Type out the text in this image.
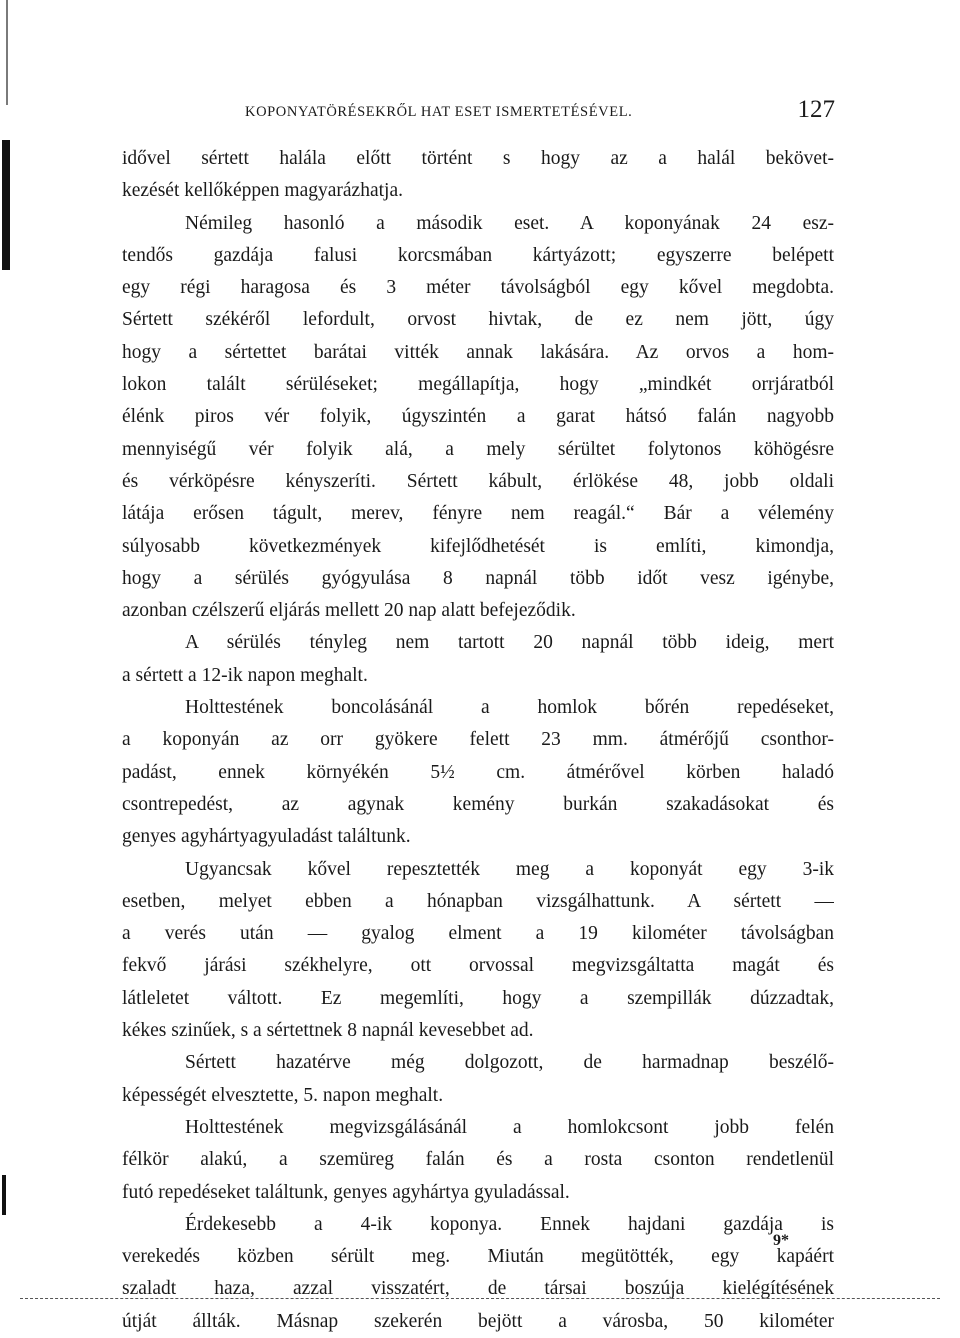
KOPONYATÖRÉSEKRŐL HAT ESET ISMERTETÉSÉVEL.	127
idővel sértett halála előtt történt s hogy az a halál bekövet-
kezését kellőképpen magyarázhatja.
Némileg hasonló a második eset. A koponyának 24 esz-
tendős gazdája falusi korcsmában kártyázott; egyszerre belépett
egy régi haragosa és 3 méter távolságból egy kővel megdobta.
Sértett székéről lefordult, orvost hivtak, de ez nem jött, úgy
hogy a sértettet barátai vitték annak lakására. Az orvos a hom-
lokon talált sérüléseket; megállapítja, hogy „mindkét orrjáratból
élénk piros vér folyik, úgyszintén a garat hátsó falán nagyobb
mennyiségű vér folyik alá, a mely sérültet folytonos köhögésre
és vérköpésre kényszeríti. Sértett kábult, érlökése 48, jobb oldali
látája erősen tágult, merev, fényre nem reagál.“ Bár a vélemény
súlyosabb következmények kifejlődhetését is említi, kimondja,
hogy a sérülés gyógyulása 8 napnál több időt vesz igénybe,
azonban czélszerű eljárás mellett 20 nap alatt befejeződik.
A sérülés tényleg nem tartott 20 napnál több ideig, mert
a sértett a 12-ik napon meghalt.
Holttestének boncolásánál a homlok bőrén repedéseket,
a koponyán az orr gyökere felett 23 mm. átmérőjű csonthor-
padást, ennek környékén 5½ cm. átmérővel körben haladó
csontrepedést, az agynak kemény burkán szakadásokat és
genyes agyhártyagyuladást találtunk.
Ugyancsak kővel repesztették meg a koponyát egy 3-ik
esetben, melyet ebben a hónapban vizsgálhattunk. A sértett —
a verés után — gyalog elment a 19 kilométer távolságban
fekvő járási székhelyre, ott orvossal megvizsgáltatta magát és
látleletet váltott. Ez megemlíti, hogy a szempillák dúzzadtak,
kékes szinűek, s a sértettnek 8 napnál kevesebbet ad.
Sértett hazatérve még dolgozott, de harmadnap beszélő-
képességét elvesztette, 5. napon meghalt.
Holttestének megvizsgálásánál a homlokcsont jobb felén
félkör alakú, a szemüreg falán és a rosta csonton rendetlenül
futó repedéseket találtunk, genyes agyhártya gyuladással.
Érdekesebb a 4-ik koponya. Ennek hajdani gazdája is
verekedés közben sérült meg. Miután megütötték, egy kapáért
szaladt haza, azzal visszatért, de társai boszúja kielégítésének
útját állták. Másnap szekerén bejött a városba, 50 kilométer
9*
